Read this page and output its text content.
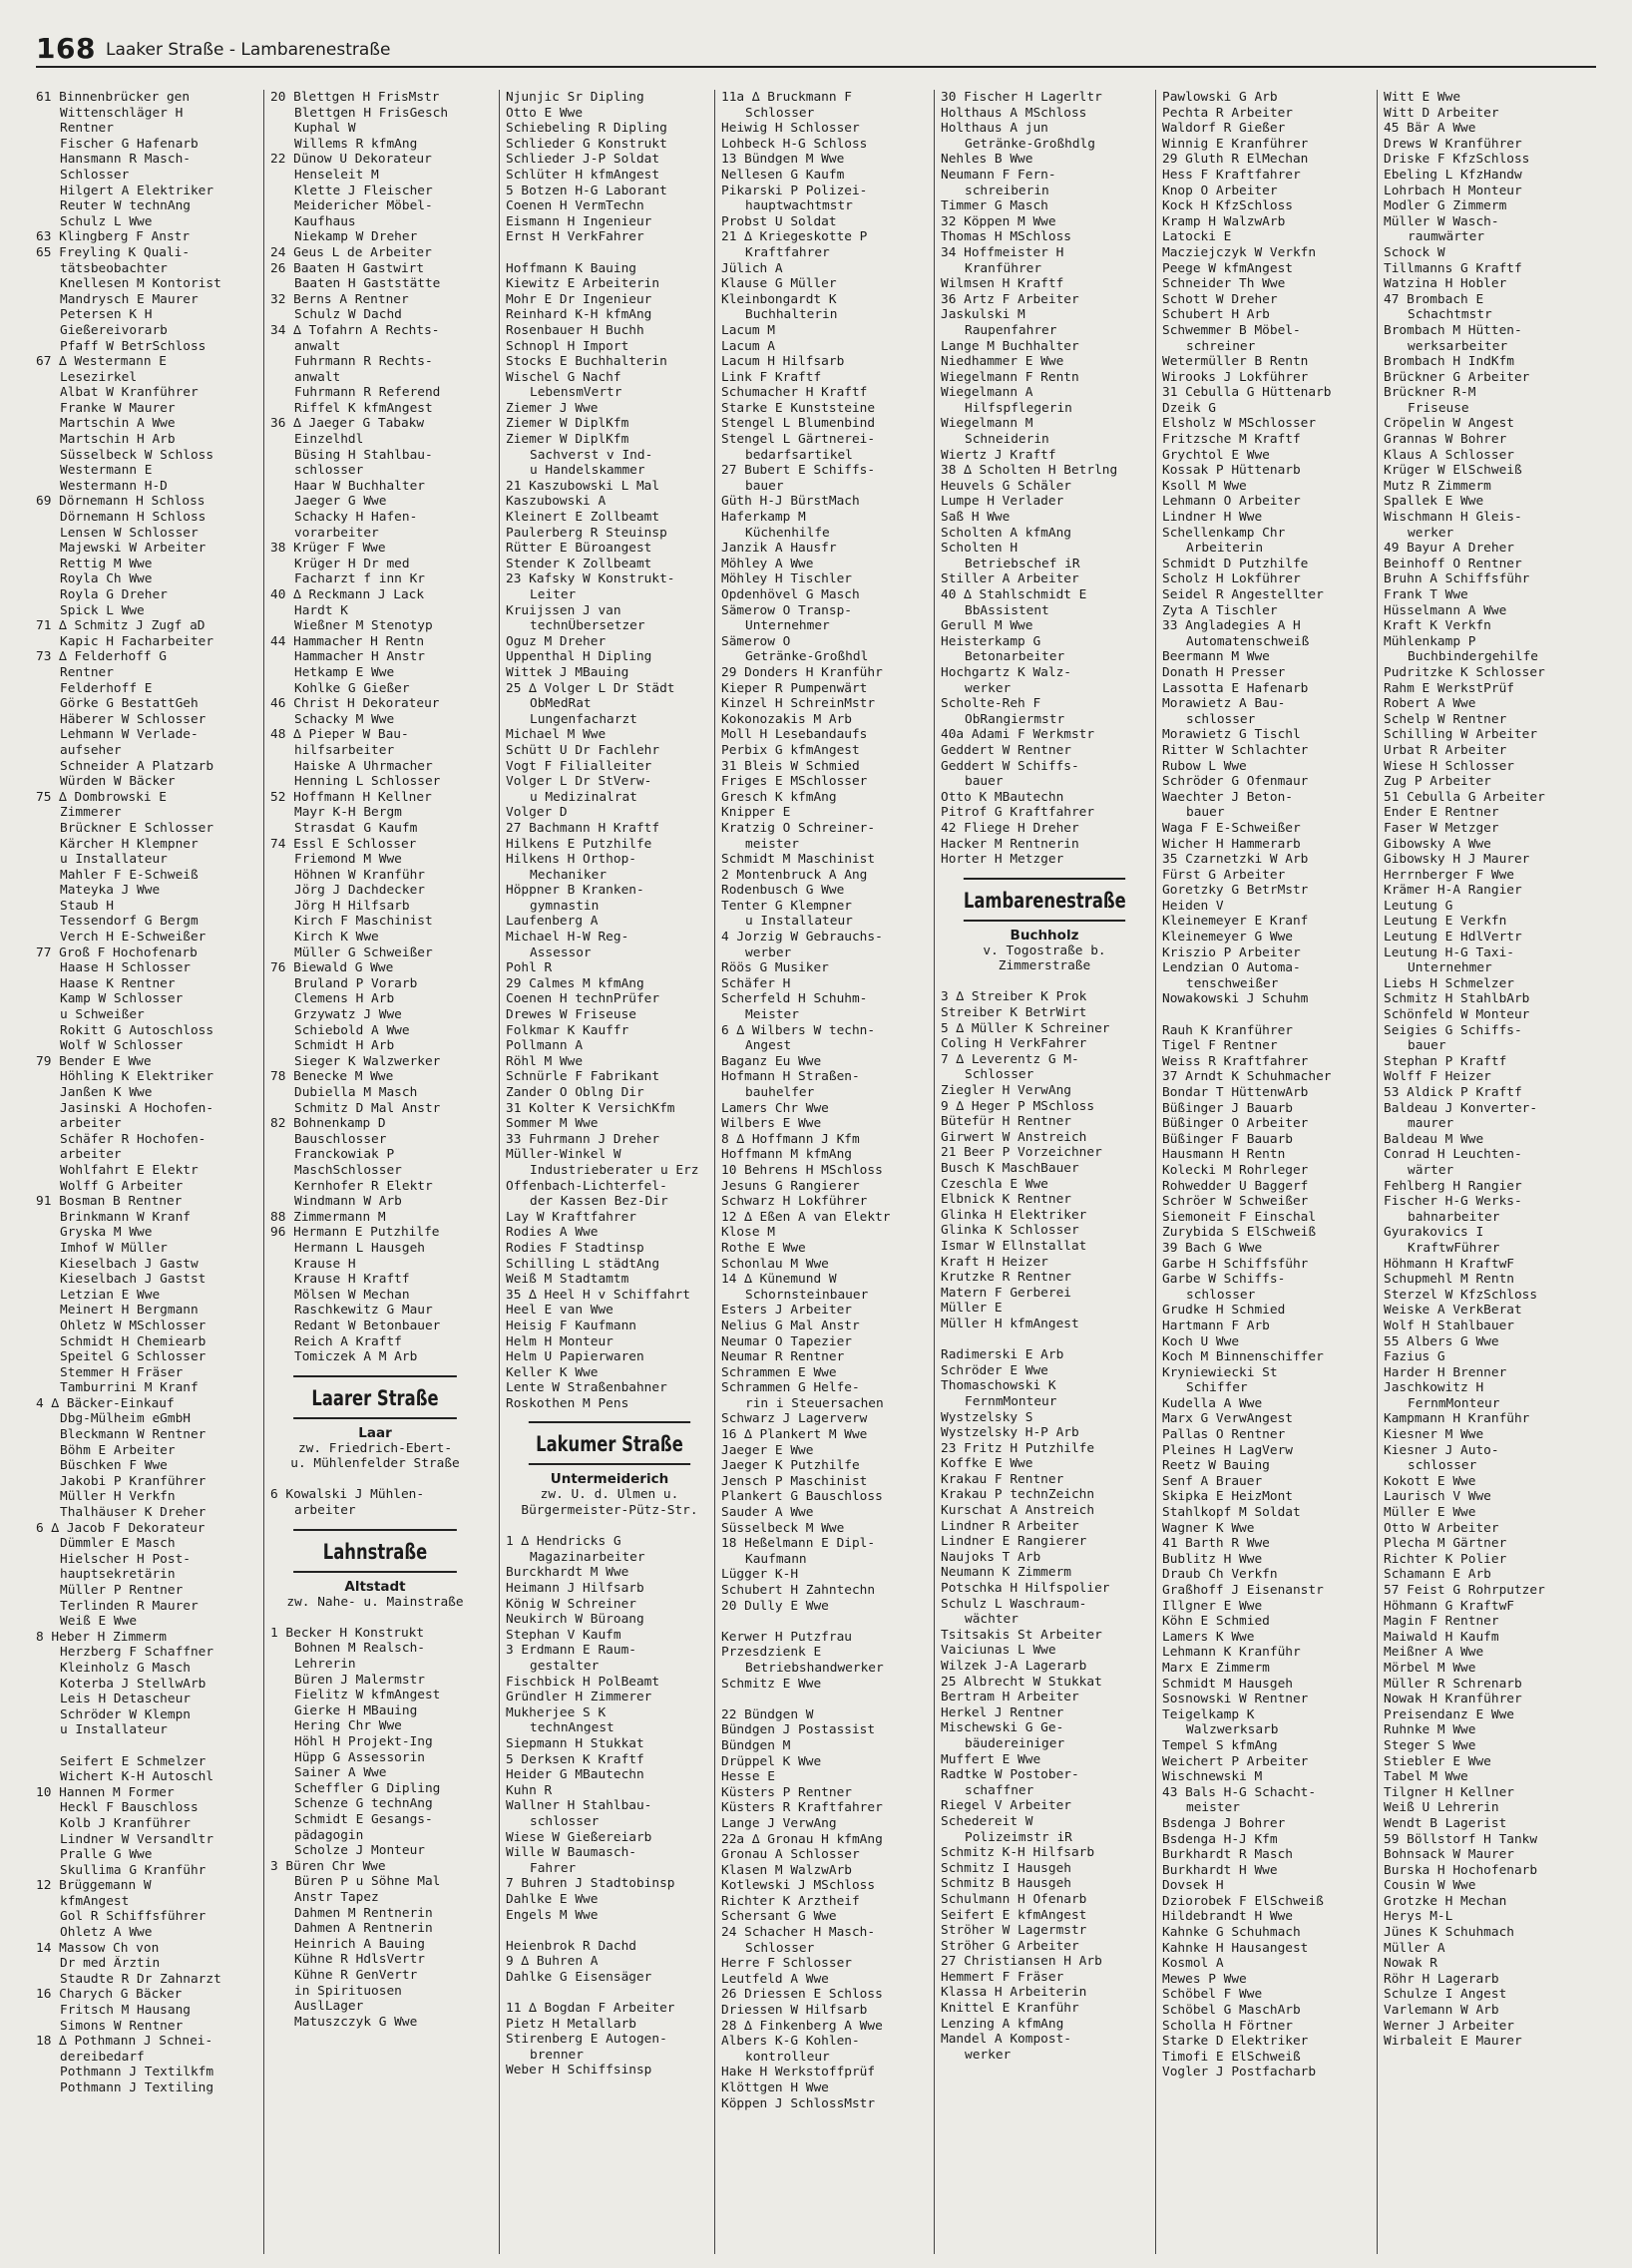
168 Laaker Straße - Lambarenestraße
61 Binnenbrücker gen
Wittenschläger H
Rentner
Fischer G Hafenarb
Hansmann R Masch-
Schlosser
Hilgert A Elektriker
Reuter W technAng
Schulz L Wwe
63 Klingberg F Anstr
65 Freyling K Quali-
tätsbeobachter
Knellesen M Kontorist
Mandrysch E Maurer
Petersen K H
Gießereivorarb
Pfaff W BetrSchloss
67 ∆ Westermann E
Lesezirkel
Albat W Kranführer
Franke W Maurer
Martschin A Wwe
Martschin H Arb
Süsselbeck W Schloss
Westermann E
Westermann H-D
69 Dörnemann H Schloss
Dörnemann H Schloss
Lensen W Schlosser
Majewski W Arbeiter
Rettig M Wwe
Royla Ch Wwe
Royla G Dreher
Spick L Wwe
71 ∆ Schmitz J Zugf aD
Kapic H Facharbeiter
73 ∆ Felderhoff G
Rentner
Felderhoff E
Görke G BestattGeh
Häberer W Schlosser
Lehmann W Verlade-
aufseher
Schneider A Platzarb
Würden W Bäcker
75 ∆ Dombrowski E
Zimmerer
Brückner E Schlosser
Kärcher H Klempner
u Installateur
Mahler F E-Schweiß
Mateyka J Wwe
Staub H
Tessendorf G Bergm
Verch H E-Schweißer
77 Groß F Hochofenarb
Haase H Schlosser
Haase K Rentner
Kamp W Schlosser
u Schweißer
Rokitt G Autoschloss
Wolf W Schlosser
79 Bender E Wwe
Höhling K Elektriker
Janßen K Wwe
Jasinski A Hochofen-
arbeiter
Schäfer R Hochofen-
arbeiter
Wohlfahrt E Elektr
Wolff G Arbeiter
91 Bosman B Rentner
Brinkmann W Kranf
Gryska M Wwe
Imhof W Müller
Kieselbach J Gastw
Kieselbach J Gastst
Letzian E Wwe
Meinert H Bergmann
Ohletz W MSchlosser
Schmidt H Chemiearb
Speitel G Schlosser
Stemmer H Fräser
Tamburrini M Kranf
4 ∆ Bäcker-Einkauf
Dbg-Mülheim eGmbH
Bleckmann W Rentner
Böhm E Arbeiter
Büschken F Wwe
Jakobi P Kranführer
Müller H Verkfn
Thalhäuser K Dreher
6 ∆ Jacob F Dekorateur
Dümmler E Masch
Hielscher H Post-
hauptsekretärin
Müller P Rentner
Terlinden R Maurer
Weiß E Wwe
8 Heber H Zimmerm
Herzberg F Schaffner
Kleinholz G Masch
Koterba J StellwArb
Leis H Detascheur
Schröder W Klempn
u Installateur
Seifert E Schmelzer
Wichert K-H Autoschl
10 Hannen M Former
Heckl F Bauschloss
Kolb J Kranführer
Lindner W Versandltr
Pralle G Wwe
Skullima G Kranführ
12 Brüggemann W
kfmAngest
Gol R Schiffsführer
Ohletz A Wwe
14 Massow Ch von
Dr med Ärztin
Staudte R Dr Zahnarzt
16 Charych G Bäcker
Fritsch M Hausang
Simons W Rentner
18 ∆ Pothmann J Schnei-
dereibedarf
Pothmann J Textilkfm
Pothmann J Textiling
20 Blettgen H FrisMstr
Blettgen H FrisGesch
Kuphal W
Willems R kfmAng
22 Dünow U Dekorateur
Henseleit M
Klette J Fleischer
Meidericher Möbel-
Kaufhaus
Niekamp W Dreher
24 Geus L de Arbeiter
26 Baaten H Gastwirt
Baaten H Gaststätte
32 Berns A Rentner
Schulz W Dachd
34 ∆ Tofahrn A Rechts-
anwalt
Fuhrmann R Rechts-
anwalt
Fuhrmann R Referend
Riffel K kfmAngest
36 ∆ Jaeger G Tabakw
Einzelhdl
Büsing H Stahlbau-
schlosser
Haar W Buchhalter
Jaeger G Wwe
Schacky H Hafen-
vorarbeiter
38 Krüger F Wwe
Krüger H Dr med
Facharzt f inn Kr
40 ∆ Reckmann J Lack
Hardt K
Wießner M Stenotyp
44 Hammacher H Rentn
Hammacher H Anstr
Hetkamp E Wwe
Kohlke G Gießer
46 Christ H Dekorateur
Schacky M Wwe
48 ∆ Pieper W Bau-
hilfsarbeiter
Haiske A Uhrmacher
Henning L Schlosser
52 Hoffmann H Kellner
Mayr K-H Bergm
Strasdat G Kaufm
74 Essl E Schlosser
Friemond M Wwe
Höhnen W Kranführ
Jörg J Dachdecker
Jörg H Hilfsarb
Kirch F Maschinist
Kirch K Wwe
Müller G Schweißer
76 Biewald G Wwe
Bruland P Vorarb
Clemens H Arb
Grzywatz J Wwe
Schiebold A Wwe
Schmidt H Arb
Sieger K Walzwerker
78 Benecke M Wwe
Dubiella M Masch
Schmitz D Mal Anstr
82 Bohnenkamp D
Bauschlosser
Franckowiak P
MaschSchlosser
Kernhofer R Elektr
Windmann W Arb
88 Zimmermann M
96 Hermann E Putzhilfe
Hermann L Hausgeh
Krause H
Krause H Kraftf
Mölsen W Mechan
Raschkewitz G Maur
Redant W Betonbauer
Reich A Kraftf
Tomiczek A M Arb
Laarer Straße
Laar
zw. Friedrich-Ebert-
u. Mühlenfelder Straße
6 Kowalski J Mühlen-
arbeiter
Lahnstraße
Altstadt
zw. Nahe- u. Mainstraße
1 Becker H Konstrukt
Bohnen M Realsch-
Lehrerin
Büren J Malermstr
Fielitz W kfmAngest
Gierke H MBauing
Hering Chr Wwe
Höhl H Projekt-Ing
Hüpp G Assessorin
Sainer A Wwe
Scheffler G Dipling
Schenze G technAng
Schmidt E Gesangs-
pädagogin
Scholze J Monteur
3 Büren Chr Wwe
Büren P u Söhne Mal
Anstr Tapez
Dahmen M Rentnerin
Dahmen A Rentnerin
Heinrich A Bauing
Kühne R HdlsVertr
Kühne R GenVertr
in Spirituosen
AuslLager
Matuszczyk G Wwe
Njunjic Sr Dipling
Otto E Wwe
Schiebeling R Dipling
Schlieder G Konstrukt
Schlieder J-P Soldat
Schlüter H kfmAngest
5 Botzen H-G Laborant
Coenen H VermTechn
Eismann H Ingenieur
Ernst H VerkFahrer
Hoffmann K Bauing
Kiewitz E Arbeiterin
Mohr E Dr Ingenieur
Reinhard K-H kfmAng
Rosenbauer H Buchh
Schnopl H Import
Stocks E Buchhalterin
Wischel G Nachf
LebensmVertr
Ziemer J Wwe
Ziemer W DiplKfm
Ziemer W DiplKfm
Sachverst v Ind-
u Handelskammer
21 Kaszubowski L Mal
Kaszubowski A
Kleinert E Zollbeamt
Paulerberg R Steuinsp
Rütter E Büroangest
Stender K Zollbeamt
23 Kafsky W Konstrukt-
Leiter
Kruijssen J van
technÜbersetzer
Oguz M Dreher
Uppenthal H Dipling
Wittek J MBauing
25 ∆ Volger L Dr Städt
ObMedRat
Lungenfacharzt
Michael M Wwe
Schütt U Dr Fachlehr
Vogt F Filialleiter
Volger L Dr StVerw-
u Medizinalrat
Volger D
27 Bachmann H Kraftf
Hilkens E Putzhilfe
Hilkens H Orthop-
Mechaniker
Höppner B Kranken-
gymnastin
Laufenberg A
Michael H-W Reg-
Assessor
Pohl R
29 Calmes M kfmAng
Coenen H technPrüfer
Drewes W Friseuse
Folkmar K Kauffr
Pollmann A
Röhl M Wwe
Schnürle F Fabrikant
Zander O Oblng Dir
31 Kolter K VersichKfm
Sommer M Wwe
33 Fuhrmann J Dreher
Müller-Winkel W
Industrieberater u Erz
Offenbach-Lichterfel-
der Kassen Bez-Dir
Lay W Kraftfahrer
Rodies A Wwe
Rodies F Stadtinsp
Schilling L städtAng
Weiß M Stadtamtm
35 ∆ Heel H v Schiffahrt
Heel E van Wwe
Heisig F Kaufmann
Helm H Monteur
Helm U Papierwaren
Keller K Wwe
Lente W Straßenbahner
Roskothen M Pens
Lakumer Straße
Untermeiderich
zw. U. d. Ulmen u.
Bürgermeister-Pütz-Str.
1 ∆ Hendricks G
Magazinarbeiter
Burckhardt M Wwe
Heimann J Hilfsarb
König W Schreiner
Neukirch W Büroang
Stephan V Kaufm
3 Erdmann E Raum-
gestalter
Fischbick H PolBeamt
Gründler H Zimmerer
Mukherjee S K
technAngest
Siepmann H Stukkat
5 Derksen K Kraftf
Heider G MBautechn
Kuhn R
Wallner H Stahlbau-
schlosser
Wiese W Gießereiarb
Wille W Baumasch-
Fahrer
7 Buhren J Stadtobinsp
Dahlke E Wwe
Engels M Wwe
Heienbrok R Dachd
9 ∆ Buhren A
Dahlke G Eisensäger
11 ∆ Bogdan F Arbeiter
Pietz H Metallarb
Stirenberg E Autogen-
brenner
Weber H Schiffsinsp
11a ∆ Bruckmann F
Schlosser
Heiwig H Schlosser
Lohbeck H-G Schloss
13 Bündgen M Wwe
Nellesen G Kaufm
Pikarski P Polizei-
hauptwachtmstr
Probst U Soldat
21 ∆ Kriegeskotte P
Kraftfahrer
Jülich A
Klause G Müller
Kleinbongardt K
Buchhalterin
Lacum M
Lacum A
Lacum H Hilfsarb
Link F Kraftf
Schumacher H Kraftf
Starke E Kunststeine
Stengel L Blumenbind
Stengel L Gärtnerei-
bedarfsartikel
27 Bubert E Schiffs-
bauer
Güth H-J BürstMach
Haferkamp M
Küchenhilfe
Janzik A Hausfr
Möhley A Wwe
Möhley H Tischler
Opdenhövel G Masch
Sämerow O Transp-
Unternehmer
Sämerow O
Getränke-Großhdl
29 Donders H Kranführ
Kieper R Pumpenwärt
Kinzel H SchreinMstr
Kokonozakis M Arb
Moll H Lesebandaufs
Perbix G kfmAngest
31 Bleis W Schmied
Friges E MSchlosser
Gresch K kfmAng
Knipper E
Kratzig O Schreiner-
meister
Schmidt M Maschinist
2 Montenbruck A Ang
Rodenbusch G Wwe
Tenter G Klempner
u Installateur
4 Jorzig W Gebrauchs-
werber
Röös G Musiker
Schäfer H
Scherfeld H Schuhm-
Meister
6 ∆ Wilbers W techn-
Angest
Baganz Eu Wwe
Hofmann H Straßen-
bauhelfer
Lamers Chr Wwe
Wilbers E Wwe
8 ∆ Hoffmann J Kfm
Hoffmann M kfmAng
10 Behrens H MSchloss
Jesuns G Rangierer
Schwarz H Lokführer
12 ∆ Eßen A van Elektr
Klose M
Rothe E Wwe
Schonlau M Wwe
14 ∆ Künemund W
Schornsteinbauer
Esters J Arbeiter
Nelius G Mal Anstr
Neumar O Tapezier
Neumar R Rentner
Schrammen E Wwe
Schrammen G Helfe-
rin i Steuersachen
Schwarz J Lagerverw
16 ∆ Plankert M Wwe
Jaeger E Wwe
Jaeger K Putzhilfe
Jensch P Maschinist
Plankert G Bauschloss
Sauder A Wwe
Süsselbeck M Wwe
18 Heßelmann E Dipl-
Kaufmann
Lügger K-H
Schubert H Zahntechn
20 Dully E Wwe
Kerwer H Putzfrau
Przesdzienk E
Betriebshandwerker
Schmitz E Wwe
22 Bündgen W
Bündgen J Postassist
Bündgen M
Drüppel K Wwe
Hesse E
Küsters P Rentner
Küsters R Kraftfahrer
Lange J VerwAng
22a ∆ Gronau H kfmAng
Gronau A Schlosser
Klasen M WalzwArb
Kotlewski J MSchloss
Richter K Arztheif
Schersant G Wwe
24 Schacher H Masch-
Schlosser
Herre F Schlosser
Leutfeld A Wwe
26 Driessen E Schloss
Driessen W Hilfsarb
28 ∆ Finkenberg A Wwe
Albers K-G Kohlen-
kontrolleur
Hake H Werkstoffprüf
Klöttgen H Wwe
Köppen J SchlossMstr
30 Fischer H Lagerltr
Holthaus A MSchloss
Holthaus A jun
Getränke-Großhdlg
Nehles B Wwe
Neumann F Fern-
schreiberin
Timmer G Masch
32 Köppen M Wwe
Thomas H MSchloss
34 Hoffmeister H
Kranführer
Wilmsen H Kraftf
36 Artz F Arbeiter
Jaskulski M
Raupenfahrer
Lange M Buchhalter
Niedhammer E Wwe
Wiegelmann F Rentn
Wiegelmann A
Hilfspflegerin
Wiegelmann M
Schneiderin
Wiertz J Kraftf
38 ∆ Scholten H Betrlng
Heuvels G Schäler
Lumpe H Verlader
Saß H Wwe
Scholten A kfmAng
Scholten H
Betriebschef iR
Stiller A Arbeiter
40 ∆ Stahlschmidt E
BbAssistent
Gerull M Wwe
Heisterkamp G
Betonarbeiter
Hochgartz K Walz-
werker
Scholte-Reh F
ObRangiermstr
40a Adami F Werkmstr
Geddert W Rentner
Geddert W Schiffs-
bauer
Otto K MBautechn
Pitrof G Kraftfahrer
42 Fliege H Dreher
Hacker M Rentnerin
Horter H Metzger
Lambarenestraße
Buchholz
v. Togostraße b.
Zimmerstraße
3 ∆ Streiber K Prok
Streiber K BetrWirt
5 ∆ Müller K Schreiner
Coling H VerkFahrer
7 ∆ Leverentz G M-
Schlosser
Ziegler H VerwAng
9 ∆ Heger P MSchloss
Bütefür H Rentner
Girwert W Anstreich
21 Beer P Vorzeichner
Busch K MaschBauer
Czeschla E Wwe
Elbnick K Rentner
Glinka H Elektriker
Glinka K Schlosser
Ismar W Ellnstallat
Kraft H Heizer
Krutzke R Rentner
Matern F Gerberei
Müller E
Müller H kfmAngest
Radimerski E Arb
Schröder E Wwe
Thomaschowski K
FernmMonteur
Wystzelsky S
Wystzelsky H-P Arb
23 Fritz H Putzhilfe
Koffke E Wwe
Krakau F Rentner
Krakau P technZeichn
Kurschat A Anstreich
Lindner R Arbeiter
Lindner E Rangierer
Naujoks T Arb
Neumann K Zimmerm
Potschka H Hilfspolier
Schulz L Waschraum-
wächter
Tsitsakis St Arbeiter
Vaiciunas L Wwe
Wilzek J-A Lagerarb
25 Albrecht W Stukkat
Bertram H Arbeiter
Herkel J Rentner
Mischewski G Ge-
bäudereiniger
Muffert E Wwe
Radtke W Postober-
schaffner
Riegel V Arbeiter
Schedereit W
Polizeimstr iR
Schmitz K-H Hilfsarb
Schmitz I Hausgeh
Schmitz B Hausgeh
Schulmann H Ofenarb
Seifert E kfmAngest
Ströher W Lagermstr
Ströher G Arbeiter
27 Christiansen H Arb
Hemmert F Fräser
Klassa H Arbeiterin
Knittel E Kranführ
Lenzing A kfmAng
Mandel A Kompost-
werker
Pawlowski G Arb
Pechta R Arbeiter
Waldorf R Gießer
Winnig E Kranführer
29 Gluth R ElMechan
Hess F Kraftfahrer
Knop O Arbeiter
Kock H KfzSchloss
Kramp H WalzwArb
Latocki E
Macziejczyk W Verkfn
Peege W kfmAngest
Schneider Th Wwe
Schott W Dreher
Schubert H Arb
Schwemmer B Möbel-
schreiner
Wetermüller B Rentn
Wirooks J Lokführer
31 Cebulla G Hüttenarb
Dzeik G
Elsholz W MSchlosser
Fritzsche M Kraftf
Grychtol E Wwe
Kossak P Hüttenarb
Ksoll M Wwe
Lehmann O Arbeiter
Lindner H Wwe
Schellenkamp Chr
Arbeiterin
Schmidt D Putzhilfe
Scholz H Lokführer
Seidel R Angestellter
Zyta A Tischler
33 Angladegies A H
Automatenschweiß
Beermann M Wwe
Donath H Presser
Lassotta E Hafenarb
Morawietz A Bau-
schlosser
Morawietz G Tischl
Ritter W Schlachter
Rubow L Wwe
Schröder G Ofenmaur
Waechter J Beton-
bauer
Waga F E-Schweißer
Wicher H Hammerarb
35 Czarnetzki W Arb
Fürst G Arbeiter
Goretzky G BetrMstr
Heiden V
Kleinemeyer E Kranf
Kleinemeyer G Wwe
Kriszio P Arbeiter
Lendzian O Automa-
tenschweißer
Nowakowski J Schuhm
Rauh K Kranführer
Tigel F Rentner
Weiss R Kraftfahrer
37 Arndt K Schuhmacher
Bondar T HüttenwArb
Büßinger J Bauarb
Büßinger O Arbeiter
Büßinger F Bauarb
Hausmann H Rentn
Kolecki M Rohrleger
Rohwedder U Baggerf
Schröer W Schweißer
Siemoneit F Einschal
Zurybida S ElSchweiß
39 Bach G Wwe
Garbe H Schiffsführ
Garbe W Schiffs-
schlosser
Grudke H Schmied
Hartmann F Arb
Koch U Wwe
Koch M Binnenschiffer
Kryniewiecki St
Schiffer
Kudella A Wwe
Marx G VerwAngest
Pallas O Rentner
Pleines H LagVerw
Reetz W Bauing
Senf A Brauer
Skipka E HeizMont
Stahlkopf M Soldat
Wagner K Wwe
41 Barth R Wwe
Bublitz H Wwe
Draub Ch Verkfn
Graßhoff J Eisenanstr
Illgner E Wwe
Köhn E Schmied
Lamers K Wwe
Lehmann K Kranführ
Marx E Zimmerm
Schmidt M Hausgeh
Sosnowski W Rentner
Teigelkamp K
Walzwerksarb
Tempel S kfmAng
Weichert P Arbeiter
Wischnewski M
43 Bals H-G Schacht-
meister
Bsdenga J Bohrer
Bsdenga H-J Kfm
Burkhardt R Masch
Burkhardt H Wwe
Dovsek H
Dziorobek F ElSchweiß
Hildebrandt H Wwe
Kahnke G Schuhmach
Kahnke H Hausangest
Kosmol A
Mewes P Wwe
Schöbel F Wwe
Schöbel G MaschArb
Scholla H Förtner
Starke D Elektriker
Timofi E ElSchweiß
Vogler J Postfacharb
Witt E Wwe
Witt D Arbeiter
45 Bär A Wwe
Drews W Kranführer
Driske F KfzSchloss
Ebeling L KfzHandw
Lohrbach H Monteur
Modler G Zimmerm
Müller W Wasch-
raumwärter
Schock W
Tillmanns G Kraftf
Watzina H Hobler
47 Brombach E
Schachtmstr
Brombach M Hütten-
werksarbeiter
Brombach H IndKfm
Brückner G Arbeiter
Brückner R-M
Friseuse
Cröpelin W Angest
Grannas W Bohrer
Klaus A Schlosser
Krüger W ElSchweiß
Mutz R Zimmerm
Spallek E Wwe
Wischmann H Gleis-
werker
49 Bayur A Dreher
Beinhoff O Rentner
Bruhn A Schiffsführ
Frank T Wwe
Hüsselmann A Wwe
Kraft K Verkfn
Mühlenkamp P
Buchbindergehilfe
Pudritzke K Schlosser
Rahm E WerkstPrüf
Robert A Wwe
Schelp W Rentner
Schilling W Arbeiter
Urbat R Arbeiter
Wiese H Schlosser
Zug P Arbeiter
51 Cebulla G Arbeiter
Ender E Rentner
Faser W Metzger
Gibowsky A Wwe
Gibowsky H J Maurer
Herrnberger F Wwe
Krämer H-A Rangier
Leutung G
Leutung E Verkfn
Leutung E HdlVertr
Leutung H-G Taxi-
Unternehmer
Liebs H Schmelzer
Schmitz H StahlbArb
Schönfeld W Monteur
Seigies G Schiffs-
bauer
Stephan P Kraftf
Wolff F Heizer
53 Aldick P Kraftf
Baldeau J Konverter-
maurer
Baldeau M Wwe
Conrad H Leuchten-
wärter
Fehlberg H Rangier
Fischer H-G Werks-
bahnarbeiter
Gyurakovics I
KraftwFührer
Höhmann H KraftwF
Schupmehl M Rentn
Sterzel W KfzSchloss
Weiske A VerkBerat
Wolf H Stahlbauer
55 Albers G Wwe
Fazius G
Harder H Brenner
Jaschkowitz H
FernmMonteur
Kampmann H Kranführ
Kiesner M Wwe
Kiesner J Auto-
schlosser
Kokott E Wwe
Laurisch V Wwe
Müller E Wwe
Otto W Arbeiter
Plecha M Gärtner
Richter K Polier
Schamann E Arb
57 Feist G Rohrputzer
Höhmann G KraftwF
Magin F Rentner
Maiwald H Kaufm
Meißner A Wwe
Mörbel M Wwe
Müller R Schrenarb
Nowak H Kranführer
Preisendanz E Wwe
Ruhnke M Wwe
Steger S Wwe
Stiebler E Wwe
Tabel M Wwe
Tilgner H Kellner
Weiß U Lehrerin
Wendt B Lagerist
59 Böllstorf H Tankw
Bohnsack W Maurer
Burska H Hochofenarb
Cousin W Wwe
Grotzke H Mechan
Herys M-L
Jünes K Schuhmach
Müller A
Nowak R
Röhr H Lagerarb
Schulze I Angest
Varlemann W Arb
Werner J Arbeiter
Wirbaleit E Maurer
